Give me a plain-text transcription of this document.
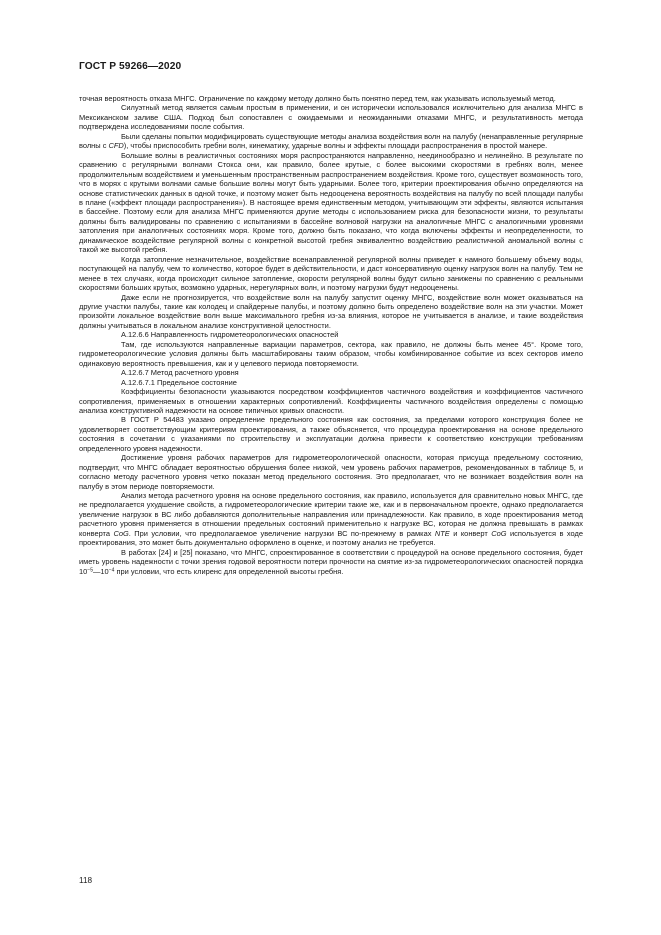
ГОСТ Р 59266—2020

точная вероятность отказа МНГС. Ограничение по каждому методу должно быть понятно перед тем, как указывать используемый метод.

Силуэтный метод является самым простым в применении, и он исторически использовался исключительно для анализа МНГС в Мексиканском заливе США. Подход был сопоставлен с ожидаемыми и неожиданными отказами МНГС, и результативность метода подтверждена исследованиями после события.

Были сделаны попытки модифицировать существующие методы анализа воздействия волн на палубу (ненаправленные регулярные волны с CFD), чтобы приспособить гребни волн, кинематику, ударные волны и эффекты площади распространения в простой манере.

Большие волны в реалистичных состояниях моря распространяются направленно, неединообразно и нелинейно. В результате по сравнению с регулярными волнами Стокса они, как правило, более крутые, с более высокими скоростями в гребнях волн, менее продолжительным воздействием и уменьшенным пространственным распространением воздействия. Кроме того, существует возможность того, что в морях с крутыми волнами самые большие волны могут быть ударными. Более того, критерии проектирования обычно определяются на основе статистических данных в одной точке, и поэтому может быть недооценена вероятность воздействия на палубу по всей площади палубы в плане («эффект площади распространения»). В настоящее время единственным методом, учитывающим эти эффекты, являются испытания в бассейне. Поэтому если для анализа МНГС применяются другие методы с использованием риска для безопасности жизни, то результаты должны быть валидированы по сравнению с испытаниями в бассейне волновой нагрузки на аналогичные МНГС с аналогичными уровнями затопления при аналогичных состояниях моря. Кроме того, должно быть показано, что когда включены эффекты и неопределенности, то динамическое воздействие регулярной волны с конкретной высотой гребня эквивалентно воздействию реалистичной аномальной волны с такой же высотой гребня.

Когда затопление незначительное, воздействие всенаправленной регулярной волны приведет к намного большему объему воды, поступающей на палубу, чем то количество, которое будет в действительности, и даст консервативную оценку нагрузок волн на палубу. Тем не менее в тех случаях, когда происходит сильное затопление, скорости регулярной волны будут сильно занижены по сравнению с реальными скоростями больших крутых, возможно ударных, нерегулярных волн, и поэтому нагрузки будут недооценены.

Даже если не прогнозируется, что воздействие волн на палубу запустит оценку МНГС, воздействие волн может оказываться на другие участки палубы, такие как колодец и спайдерные палубы, и поэтому должно быть определено воздействие волн на эти участки. Может произойти локальное воздействие волн выше максимального гребня из-за влияния, которое не учитывается в анализе, и такие воздействия должны учитываться в локальном анализе конструктивной целостности.

А.12.6.6 Направленность гидрометеорологических опасностей

Там, где используются направленные вариации параметров, сектора, как правило, не должны быть менее 45°. Кроме того, гидрометеорологические условия должны быть масштабированы таким образом, чтобы комбинированное событие из всех секторов имело одинаковую вероятность превышения, как и у целевого периода повторяемости.

А.12.6.7 Метод расчетного уровня

А.12.6.7.1 Предельное состояние

Коэффициенты безопасности указываются посредством коэффициентов частичного воздействия и коэффициентов частичного сопротивления, применяемых в отношении характерных сопротивлений. Коэффициенты частичного воздействия определены с помощью анализа конструктивной надежности на основе типичных кривых опасности.

В ГОСТ Р 54483 указано определение предельного состояния как состояния, за пределами которого конструкция более не удовлетворяет соответствующим критериям проектирования, а также объясняется, что процедура проектирования на основе предельного состояния в сочетании с указаниями по строительству и эксплуатации должна привести к соответствию конструкции требованиям определенного уровня надежности.

Достижение уровня рабочих параметров для гидрометеорологической опасности, которая присуща предельному состоянию, подтвердит, что МНГС обладает вероятностью обрушения более низкой, чем уровень рабочих параметров, рекомендованных в таблице 5, и согласно методу расчетного уровня четко показан метод предельного состояния. Это предполагает, что не возникает воздействия волн на палубу в этом периоде повторяемости.

Анализ метода расчетного уровня на основе предельного состояния, как правило, используется для сравнительно новых МНГС, где не предполагается ухудшение свойств, а гидрометеорологические критерии такие же, как и в первоначальном проекте, однако предполагается увеличение нагрузок в ВС либо добавляются дополнительные направления или принадлежности. Как правило, в ходе проектирования метод расчетного уровня применяется в отношении предельных состояний применительно к нагрузке ВС, которая не должна превышать в рамках конверта CoG. При условии, что предполагаемое увеличение нагрузки ВС по-прежнему в рамках NTE и конверт CoG используется в ходе проектирования, это может быть документально оформлено в оценке, и поэтому анализ не требуется.

В работах [24] и [25] показано, что МНГС, спроектированное в соответствии с процедурой на основе предельного состояния, будет иметь уровень надежности с точки зрения годовой вероятности потери прочности на смятие из-за гидрометеорологических опасностей порядка $10^{-5}—10^{-4}$ при условии, что есть клиренс для определенной высоты гребня.

118
